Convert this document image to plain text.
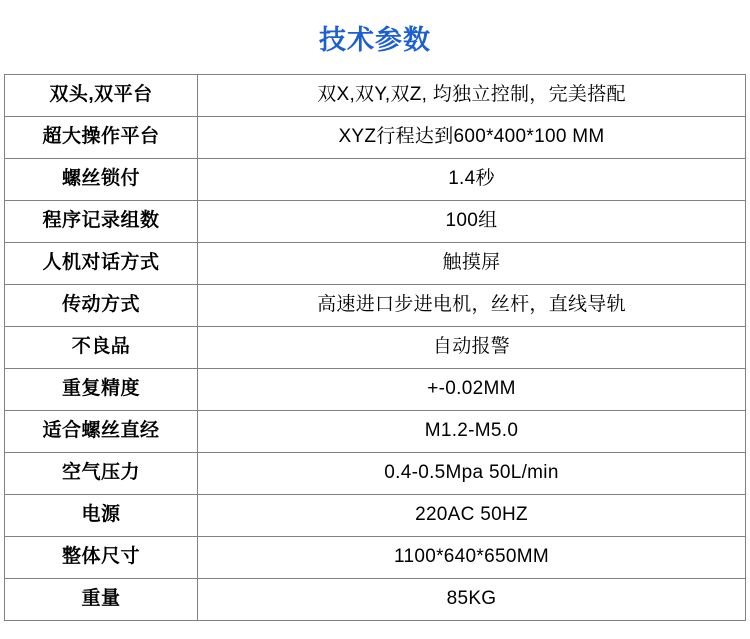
技术参数
双头,双平台	双X,双Y,双Z, 均独立控制，完美搭配
超大操作平台	XYZ行程达到600*400*100 MM
螺丝锁付	1.4秒
程序记录组数	100组
人机对话方式	触摸屏
传动方式	高速进口步进电机，丝杆，直线导轨
不良品	自动报警
重复精度	+-0.02MM
适合螺丝直经	M1.2-M5.0
空气压力	0.4-0.5Mpa 50L/min
电源	220AC 50HZ
整体尺寸	1100*640*650MM
重量	85KG
